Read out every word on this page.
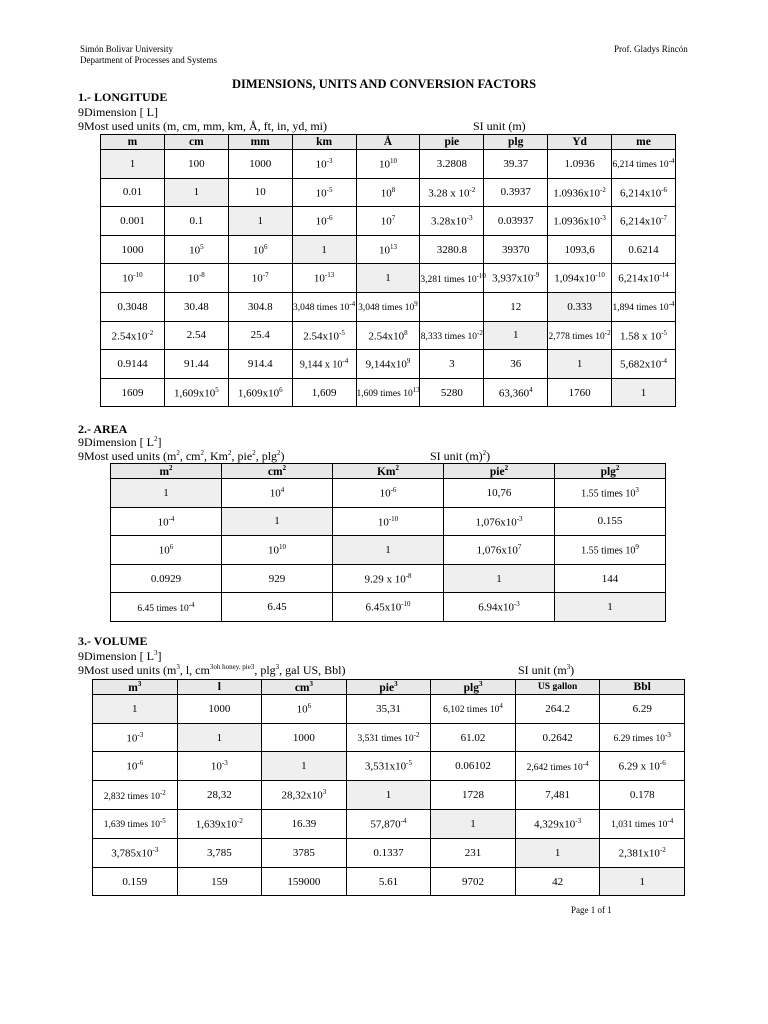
Simón Bolivar University
Department of Processes and Systems
Prof. Gladys Rincón
DIMENSIONS, UNITS AND CONVERSION FACTORS
1.- LONGITUDE
9Dimension [ L]
9Most used units (m, cm, mm, km, Å, ft, in, yd, mi)	SI unit (m)
m	cm	mm	km	Å	pie	plg	Yd	me
1	100	1000	$10^{-3}$	$10^{10}$	3.2808	39.37	1.0936	6,214 times $10^{-4}$
0.01	1	10	$10^{-5}$	$10^8$	3.28 x $10^{-2}$	0.3937	$1.0936x10^{-2}$	$6,214x10^{-6}$
0.001	0.1	1	$10^{-6}$	$10^7$	$3.28x10^{-3}$	0.03937	$1.0936x10^{-3}$	$6,214x10^{-7}$
1000	$10^5$	$10^6$	1	$10^{13}$	3280.8	39370	1093,6	0.6214
$10^{-10}$	$10^{-8}$	$10^{-7}$	$10^{-13}$	1	3,281 times $10^{-10}$	$3,937x10^{-9}$	$1,094x10^{-10}$	$6,214x10^{-14}$
0.3048	30.48	304.8	3,048 times $10^{-4}$	3,048 times $10^9$		12	0.333	1,894 times $10^{-4}$
$2.54x10^{-2}$	2.54	25.4	$2.54x10^{-5}$	$2.54x10^8$	8,333 times $10^{-2}$	1	2,778 times $10^{-2}$	1.58 x $10^{-5}$
0.9144	91.44	914.4	9,144 x $10^{-4}$	$9,144x10^9$	3	36	1	$5,682x10^{-4}$
1609	$1,609x10^5$	$1,609x10^6$	1,609	1,609 times $10^{13}$	5280	63,360$^4$	1760	1
2.- AREA
9Dimension [ $L^2$]
9Most used units ($m^2$, $cm^2$, Km$^2$, pie$^2$, plg$^2$)	SI unit $(m)^2$)
$m^2$	$cm^2$	Km$^2$	pie$^2$	plg$^2$
1	$10^4$	$10^{-6}$	10,76	1.55 times $10^3$
$10^{-4}$	1	$10^{-10}$	$1,076x10^{-3}$	0.155
$10^6$	$10^{10}$	1	$1,076x10^7$	1.55 times $10^9$
0.0929	929	9.29 x $10^{-8}$	1	144
6.45 times $10^{-4}$	6.45	$6.45x10^{-10}$	$6.94x10^{-3}$	1
3.- VOLUME
9Dimension [ $L^3$]
9Most used units ($m^3$, l, $cm^{3oh honey. pie3}$, plg$^3$, gal US, Bbl)	SI unit $(m^3)$
$m^3$	l	$cm^3$	pie$^3$	plg$^3$	US gallon	Bbl
1	1000	$10^6$	35,31	6,102 times $10^4$	264.2	6.29
$10^{-3}$	1	1000	3,531 times $10^{-2}$	61.02	0.2642	6.29 times $10^{-3}$
$10^{-6}$	$10^{-3}$	1	$3,531x10^{-5}$	0.06102	2,642 times $10^{-4}$	6.29 x $10^{-6}$
2,832 times $10^{-2}$	28,32	$28,32x10^3$	1	1728	7,481	0.178
1,639 times $10^{-5}$	$1,639x10^{-2}$	16.39	$57,870^{-4}$	1	$4,329x10^{-3}$	1,031 times $10^{-4}$
$3,785x10^{-3}$	3,785	3785	0.1337	231	1	$2,381x10^{-2}$
0.159	159	159000	5.61	9702	42	1
Page 1 of 1
